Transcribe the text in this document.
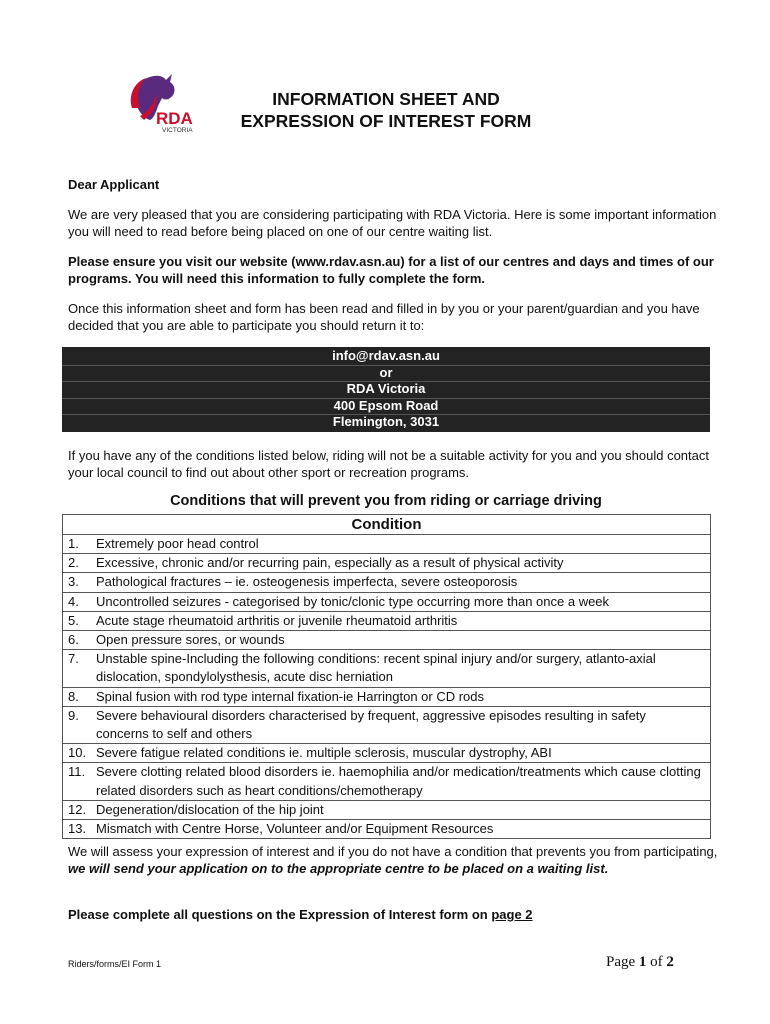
RDA
VICTORIA
INFORMATION SHEET AND
EXPRESSION OF INTEREST FORM

Dear Applicant

We are very pleased that you are considering participating with RDA Victoria. Here is some important information you will need to read before being placed on one of our centre waiting list.

Please ensure you visit our website (www.rdav.asn.au) for a list of our centres and days and times of our programs. You will need this information to fully complete the form.

Once this information sheet and form has been read and filled in by you or your parent/guardian and you have decided that you are able to participate you should return it to:

info@rdav.asn.au
or
RDA Victoria
400 Epsom Road
Flemington, 3031

If you have any of the conditions listed below, riding will not be a suitable activity for you and you should contact your local council to find out about other sport or recreation programs.

Conditions that will prevent you from riding or carriage driving
Condition	
1.	Extremely poor head control
2.	Excessive, chronic and/or recurring pain, especially as a result of physical activity
3.	Pathological fractures – ie. osteogenesis imperfecta, severe osteoporosis
4.	Uncontrolled seizures - categorised by tonic/clonic type occurring more than once a week
5.	Acute stage rheumatoid arthritis or juvenile rheumatoid arthritis
6.	Open pressure sores, or wounds
7.	Unstable spine-Including the following conditions: recent spinal injury and/or surgery, atlanto-axial dislocation, spondylolysthesis, acute disc herniation
8.	Spinal fusion with rod type internal fixation-ie Harrington or CD rods
9.	Severe behavioural disorders characterised by frequent, aggressive episodes resulting in safety concerns to self and others
10.	Severe fatigue related conditions ie. multiple sclerosis, muscular dystrophy, ABI
11.	Severe clotting related blood disorders ie. haemophilia and/or medication/treatments which cause clotting related disorders such as heart conditions/chemotherapy
12.	Degeneration/dislocation of the hip joint
13.	Mismatch with Centre Horse, Volunteer and/or Equipment Resources

We will assess your expression of interest and if you do not have a condition that prevents you from participating, we will send your application on to the appropriate centre to be placed on a waiting list.

Please complete all questions on the Expression of Interest form on page 2

Riders/forms/EI Form 1	Page 1 of 2
